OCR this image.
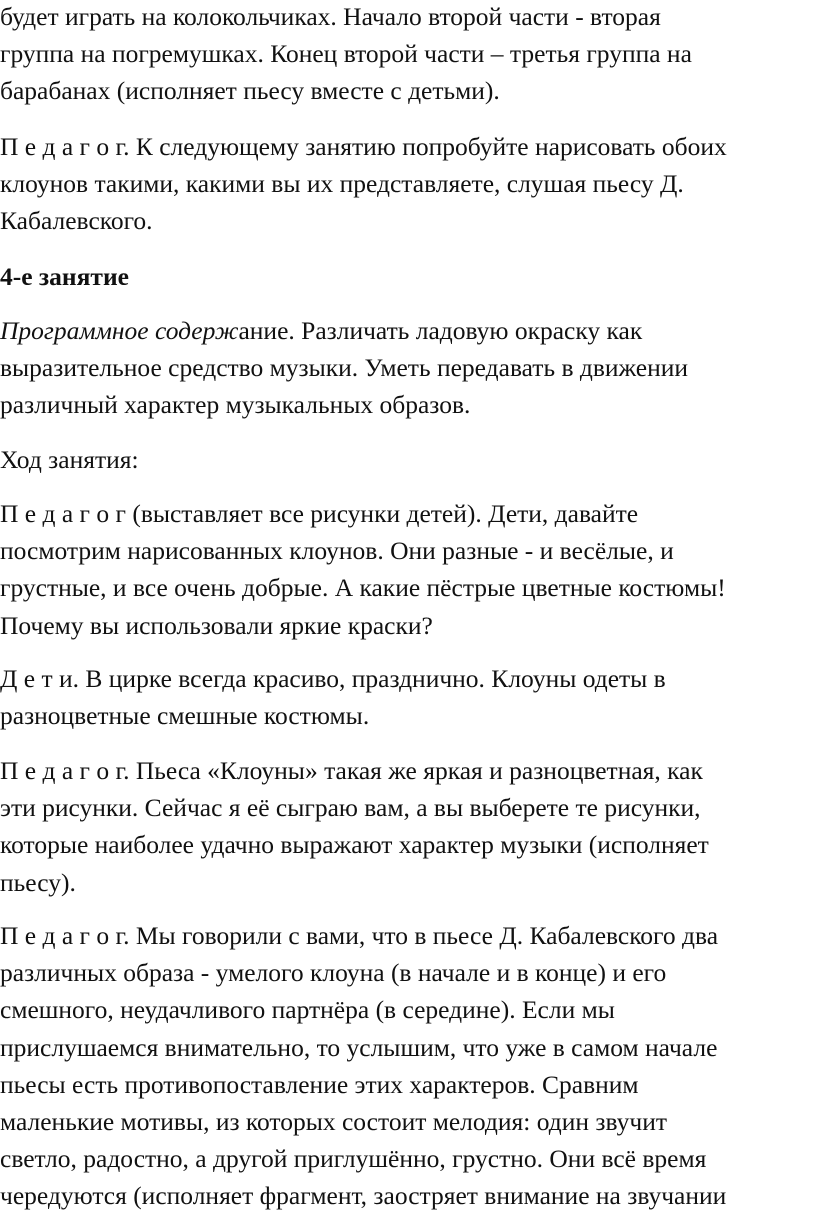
будет играть на колокольчиках. Начало второй части - вторая
группа на погремушках. Конец второй части – третья группа на
барабанах (исполняет пьесу вместе с детьми).

П е д а г о г. К следующему занятию попробуйте нарисовать обоих
клоунов такими, какими вы их представляете, слушая пьесу Д.
Кабалевского.

4-е занятие

Программное содержание. Различать ладовую окраску как
выразительное средство музыки. Уметь передавать в движении
различный характер музыкальных образов.

Ход занятия:

П е д а г о г (выставляет все рисунки детей). Дети, давайте
посмотрим нарисованных клоунов. Они разные - и весёлые, и
грустные, и все очень добрые. А какие пёстрые цветные костюмы!
Почему вы использовали яркие краски?

Д е т и. В цирке всегда красиво, празднично. Клоуны одеты в
разноцветные смешные костюмы.

П е д а г о г. Пьеса «Клоуны» такая же яркая и разноцветная, как
эти рисунки. Сейчас я её сыграю вам, а вы выберете те рисунки,
которые наиболее удачно выражают характер музыки (исполняет
пьесу).

П е д а г о г. Мы говорили с вами, что в пьесе Д. Кабалевского два
различных образа - умелого клоуна (в начале и в конце) и его
смешного, неудачливого партнёра (в середине). Если мы
прислушаемся внимательно, то услышим, что уже в самом начале
пьесы есть противопоставление этих характеров. Сравним
маленькие мотивы, из которых состоит мелодия: один звучит
светло, радостно, а другой приглушённо, грустно. Они всё время
чередуются (исполняет фрагмент, заостряет внимание на звучании
